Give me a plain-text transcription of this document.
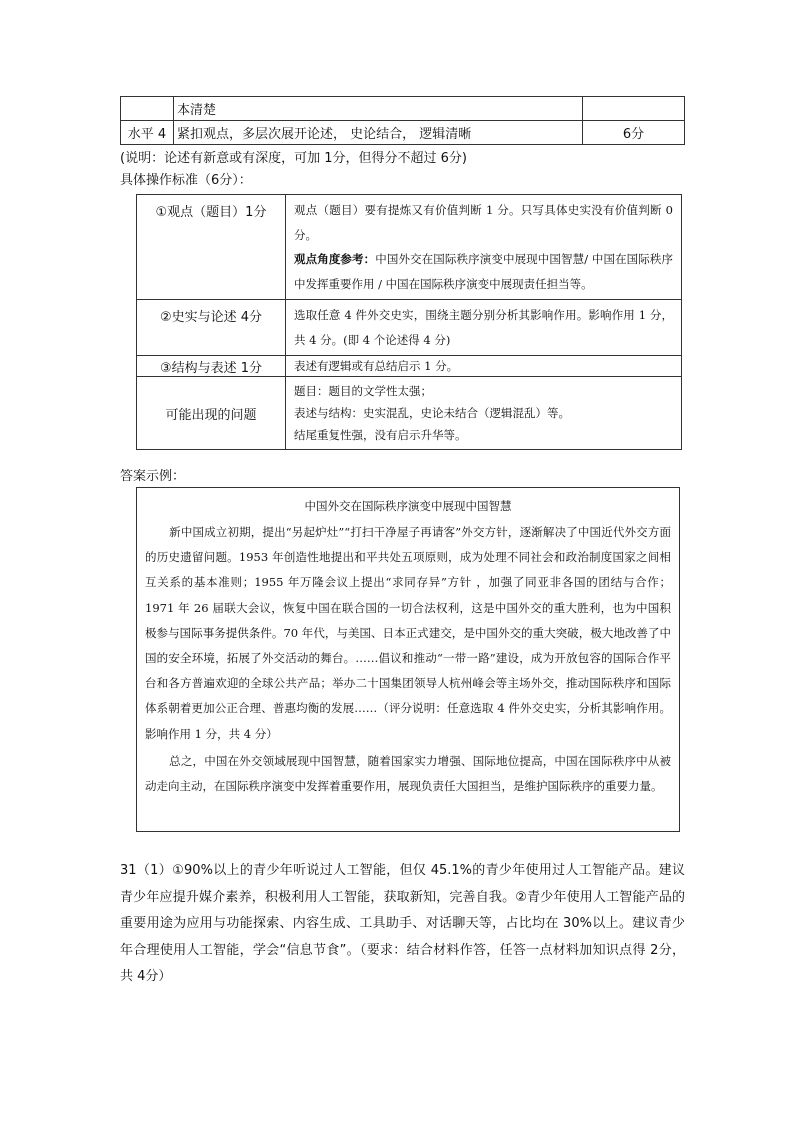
	本清楚	
水平 4	紧扣观点，多层次展开论述， 史论结合， 逻辑清晰	6分
(说明：论述有新意或有深度，可加 1分，但得分不超过 6分)
具体操作标准（6分）：
①观点（题目）1分	观点（题目）要有提炼又有价值判断 1 分。只写具体史实没有价值判断 0 分。
观点角度参考：中国外交在国际秩序演变中展现中国智慧/ 中国在国际秩序中发挥重要作用 / 中国在国际秩序演变中展现责任担当等。

②史实与论述 4分	选取任意 4 件外交史实，围绕主题分别分析其影响作用。影响作用 1 分，共 4 分。(即 4 个论述得 4 分)

③结构与表述 1分	表述有逻辑或有总结启示 1 分。

可能出现的问题	题目：题目的文学性太强；
表述与结构：史实混乱，史论未结合（逻辑混乱）等。
结尾重复性强，没有启示升华等。
答案示例：
中国外交在国际秩序演变中展现中国智慧
新中国成立初期，提出“另起炉灶”“打扫干净屋子再请客”外交方针，逐渐解决了中国近代外交方面的历史遗留问题。1953 年创造性地提出和平共处五项原则，成为处理不同社会和政治制度国家之间相互关系的基本准则；1955 年万隆会议上提出“求同存异”方针 ，加强了同亚非各国的团结与合作；1971 年 26 届联大会议，恢复中国在联合国的一切合法权利，这是中国外交的重大胜利，也为中国积极参与国际事务提供条件。70 年代，与美国、日本正式建交，是中国外交的重大突破，极大地改善了中国的安全环境，拓展了外交活动的舞台。……倡议和推动“一带一路”建设，成为开放包容的国际合作平台和各方普遍欢迎的全球公共产品；举办二十国集团领导人杭州峰会等主场外交，推动国际秩序和国际体系朝着更加公正合理、普惠均衡的发展……（评分说明：任意选取 4 件外交史实，分析其影响作用。影响作用 1 分，共 4 分）
总之，中国在外交领域展现中国智慧，随着国家实力增强、国际地位提高，中国在国际秩序中从被动走向主动，在国际秩序演变中发挥着重要作用，展现负责任大国担当，是维护国际秩序的重要力量。
31（1）①90%以上的青少年听说过人工智能，但仅 45.1%的青少年使用过人工智能产品。建议青少年应提升媒介素养，积极利用人工智能，获取新知，完善自我。②青少年使用人工智能产品的重要用途为应用与功能探索、内容生成、工具助手、对话聊天等，占比均在 30%以上。建议青少年合理使用人工智能，学会“信息节食”。（要求：结合材料作答，任答一点材料加知识点得 2分，共 4分）
